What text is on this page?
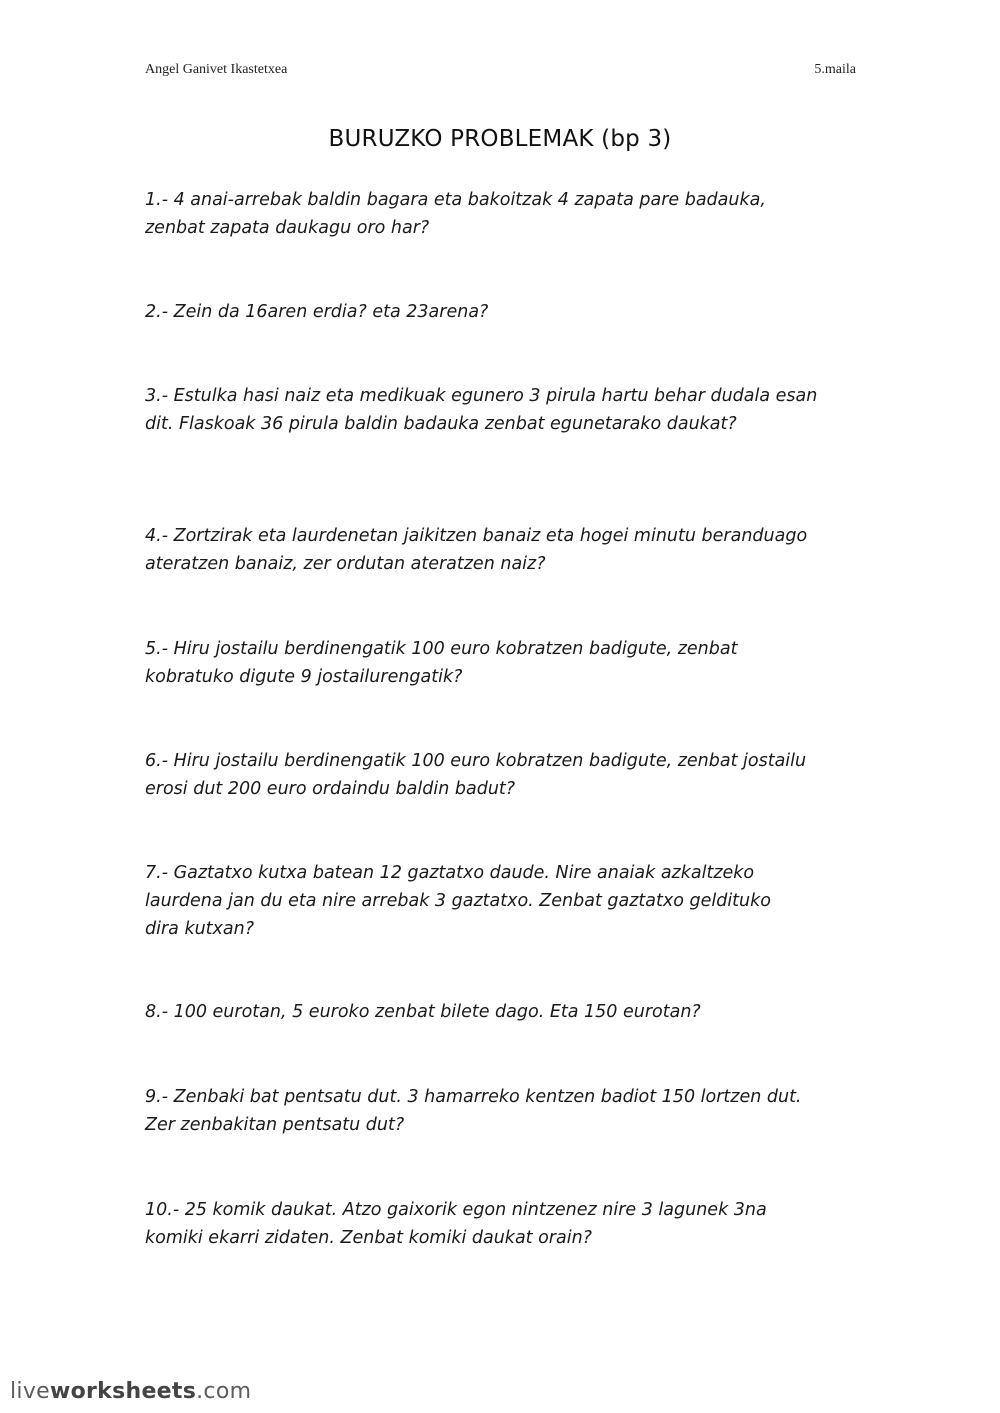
Angel Ganivet Ikastetxea	5.maila
BURUZKO PROBLEMAK (bp 3)
1.- 4 anai-arrebak baldin bagara eta bakoitzak 4 zapata pare badauka,
zenbat zapata daukagu oro har?
2.- Zein da 16aren erdia? eta 23arena?
3.- Estulka hasi naiz eta medikuak egunero 3 pirula hartu behar dudala esan
dit. Flaskoak 36 pirula baldin badauka zenbat egunetarako daukat?
4.- Zortzirak eta laurdenetan jaikitzen banaiz eta hogei minutu beranduago
ateratzen banaiz, zer ordutan ateratzen naiz?
5.- Hiru jostailu berdinengatik 100 euro kobratzen badigute, zenbat
kobratuko digute 9 jostailurengatik?
6.- Hiru jostailu berdinengatik 100 euro kobratzen badigute, zenbat jostailu
erosi dut 200 euro ordaindu baldin badut?
7.- Gaztatxo kutxa batean 12 gaztatxo daude. Nire anaiak azkaltzeko
laurdena jan du eta nire arrebak 3 gaztatxo. Zenbat gaztatxo geldituko
dira kutxan?
8.- 100 eurotan, 5 euroko zenbat bilete dago. Eta 150 eurotan?
9.- Zenbaki bat pentsatu dut. 3 hamarreko kentzen badiot 150 lortzen dut.
Zer zenbakitan pentsatu dut?
10.- 25 komik daukat. Atzo gaixorik egon nintzenez nire 3 lagunek 3na
komiki ekarri zidaten. Zenbat komiki daukat orain?
liveworksheets.com
